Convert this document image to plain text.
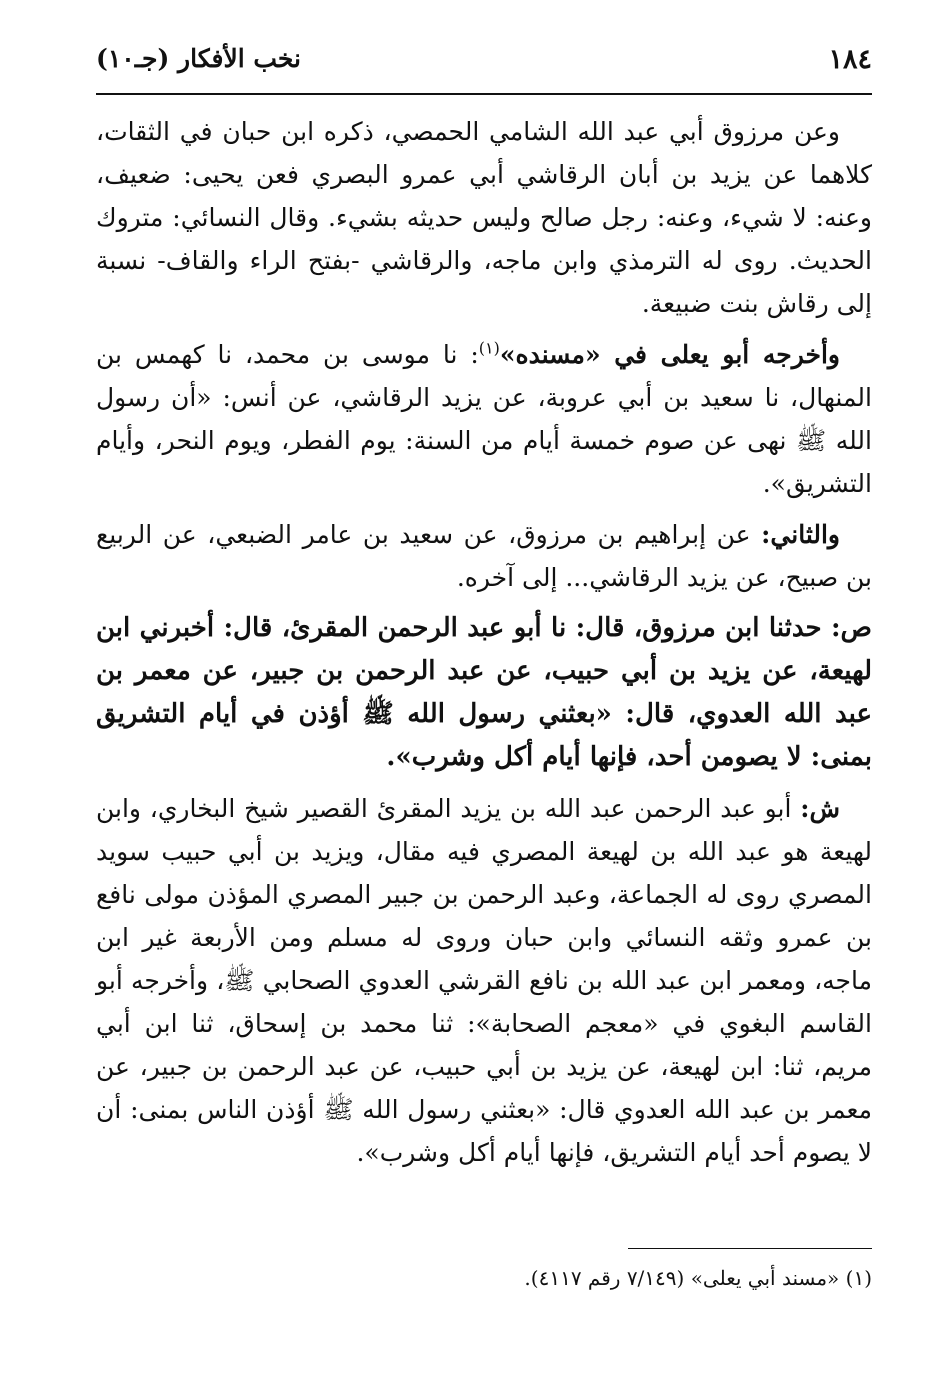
١٨٤
نخب الأفكار (جـ١٠)

وعن مرزوق أبي عبد الله الشامي الحمصي، ذكره ابن حبان في الثقات، كلاهما عن يزيد بن أبان الرقاشي أبي عمرو البصري فعن يحيى: ضعيف، وعنه: لا شيء، وعنه: رجل صالح وليس حديثه بشيء. وقال النسائي: متروك الحديث. روى له الترمذي وابن ماجه، والرقاشي -بفتح الراء والقاف- نسبة إلى رقاش بنت ضبيعة.

وأخرجه أبو يعلى في «مسنده»$^{(١)}$: نا موسى بن محمد، نا كهمس بن المنهال، نا سعيد بن أبي عروبة، عن يزيد الرقاشي، عن أنس: «أن رسول الله ﷺ نهى عن صوم خمسة أيام من السنة: يوم الفطر، ويوم النحر، وأيام التشريق».

والثاني: عن إبراهيم بن مرزوق، عن سعيد بن عامر الضبعي، عن الربيع بن صبيح، عن يزيد الرقاشي... إلى آخره.

ص: حدثنا ابن مرزوق، قال: نا أبو عبد الرحمن المقرئ، قال: أخبرني ابن لهيعة، عن يزيد بن أبي حبيب، عن عبد الرحمن بن جبير، عن معمر بن عبد الله العدوي، قال: «بعثني رسول الله ﷺ أؤذن في أيام التشريق بمنى: لا يصومن أحد، فإنها أيام أكل وشرب».

ش: أبو عبد الرحمن عبد الله بن يزيد المقرئ القصير شيخ البخاري، وابن لهيعة هو عبد الله بن لهيعة المصري فيه مقال، ويزيد بن أبي حبيب سويد المصري روى له الجماعة، وعبد الرحمن بن جبير المصري المؤذن مولى نافع بن عمرو وثقه النسائي وابن حبان وروى له مسلم ومن الأربعة غير ابن ماجه، ومعمر ابن عبد الله بن نافع القرشي العدوي الصحابي ﷺ، وأخرجه أبو القاسم البغوي في «معجم الصحابة»: ثنا محمد بن إسحاق، ثنا ابن أبي مريم، ثنا: ابن لهيعة، عن يزيد بن أبي حبيب، عن عبد الرحمن بن جبير، عن معمر بن عبد الله العدوي قال: «بعثني رسول الله ﷺ أؤذن الناس بمنى: أن لا يصوم أحد أيام التشريق، فإنها أيام أكل وشرب».

(١) «مسند أبي يعلى» (٧/١٤٩ رقم ٤١١٧).
